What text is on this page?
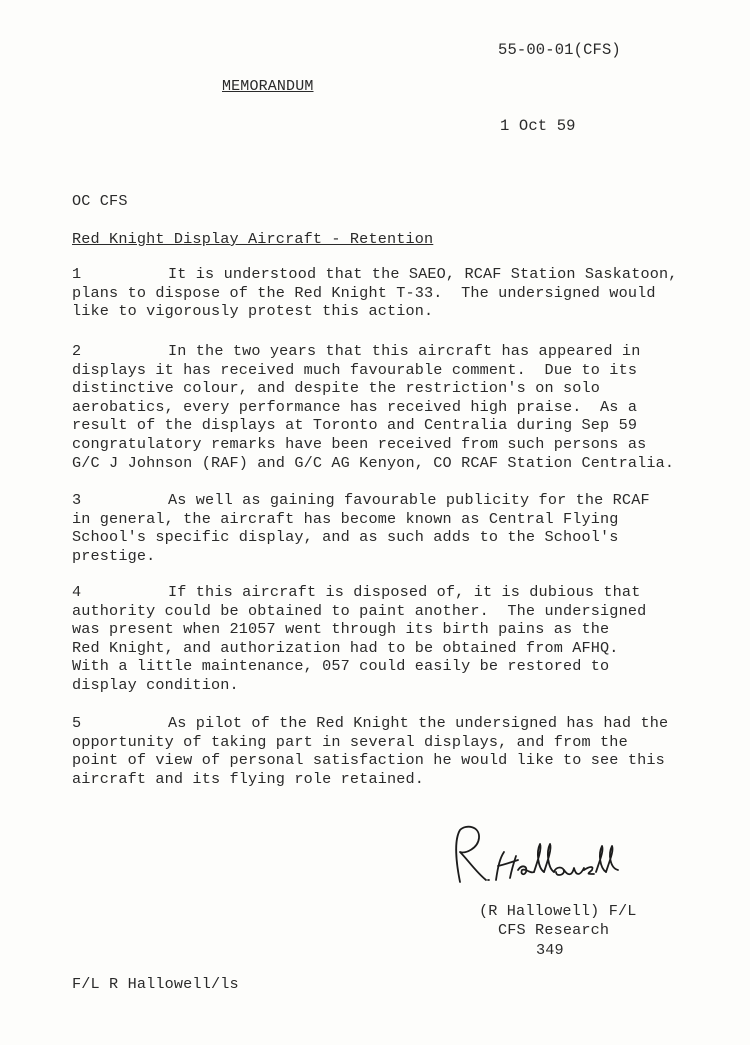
55-00-01(CFS)
MEMORANDUM
1 Oct 59
OC CFS
Red Knight Display Aircraft - Retention
1	It is understood that the SAEO, RCAF Station Saskatoon,
plans to dispose of the Red Knight T-33.  The undersigned would
like to vigorously protest this action.
2	In the two years that this aircraft has appeared in
displays it has received much favourable comment.  Due to its
distinctive colour, and despite the restriction's on solo
aerobatics, every performance has received high praise.  As a
result of the displays at Toronto and Centralia during Sep 59
congratulatory remarks have been received from such persons as
G/C J Johnson (RAF) and G/C AG Kenyon, CO RCAF Station Centralia.
3	As well as gaining favourable publicity for the RCAF
in general, the aircraft has become known as Central Flying
School's specific display, and as such adds to the School's
prestige.
4	If this aircraft is disposed of, it is dubious that
authority could be obtained to paint another.  The undersigned
was present when 21057 went through its birth pains as the
Red Knight, and authorization had to be obtained from AFHQ.
With a little maintenance, 057 could easily be restored to
display condition.
5	As pilot of the Red Knight the undersigned has had the
opportunity of taking part in several displays, and from the
point of view of personal satisfaction he would like to see this
aircraft and its flying role retained.
(R Hallowell) F/L
CFS Research
349
F/L R Hallowell/ls
